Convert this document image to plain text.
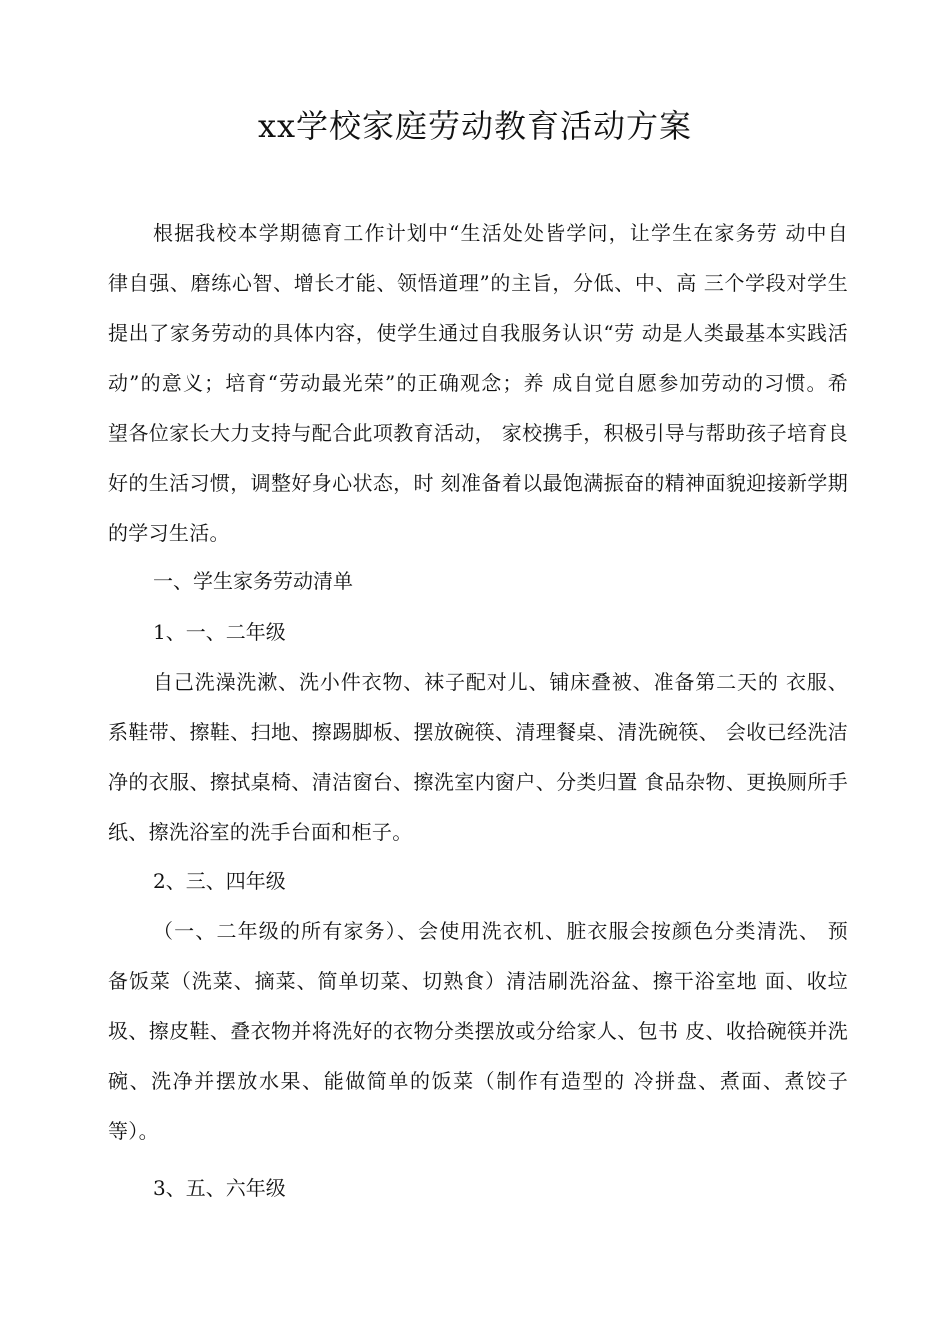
xx学校家庭劳动教育活动方案

根据我校本学期德育工作计划中“生活处处皆学问，让学生在家务劳 动中自
律自强、磨练心智、增长才能、领悟道理”的主旨，分低、中、高 三个学段对学生
提出了家务劳动的具体内容，使学生通过自我服务认识“劳 动是人类最基本实践活
动”的意义；培育“劳动最光荣”的正确观念；养 成自觉自愿参加劳动的习惯。希
望各位家长大力支持与配合此项教育活动， 家校携手，积极引导与帮助孩子培育良
好的生活习惯，调整好身心状态，时 刻准备着以最饱满振奋的精神面貌迎接新学期
的学习生活。

一、学生家务劳动清单

1、一、二年级

自己洗澡洗漱、洗小件衣物、袜子配对儿、铺床叠被、准备第二天的 衣服、
系鞋带、擦鞋、扫地、擦踢脚板、摆放碗筷、清理餐桌、清洗碗筷、 会收已经洗洁
净的衣服、擦拭桌椅、清洁窗台、擦洗室内窗户、分类归置 食品杂物、更换厕所手
纸、擦洗浴室的洗手台面和柜子。

2、三、四年级

（一、二年级的所有家务）、会使用洗衣机、脏衣服会按颜色分类清洗、 预
备饭菜（洗菜、摘菜、简单切菜、切熟食）清洁刷洗浴盆、擦干浴室地 面、收垃
圾、擦皮鞋、叠衣物并将洗好的衣物分类摆放或分给家人、包书 皮、收拾碗筷并洗
碗、洗净并摆放水果、能做简单的饭菜（制作有造型的 冷拼盘、煮面、煮饺子
等）。

3、五、六年级
